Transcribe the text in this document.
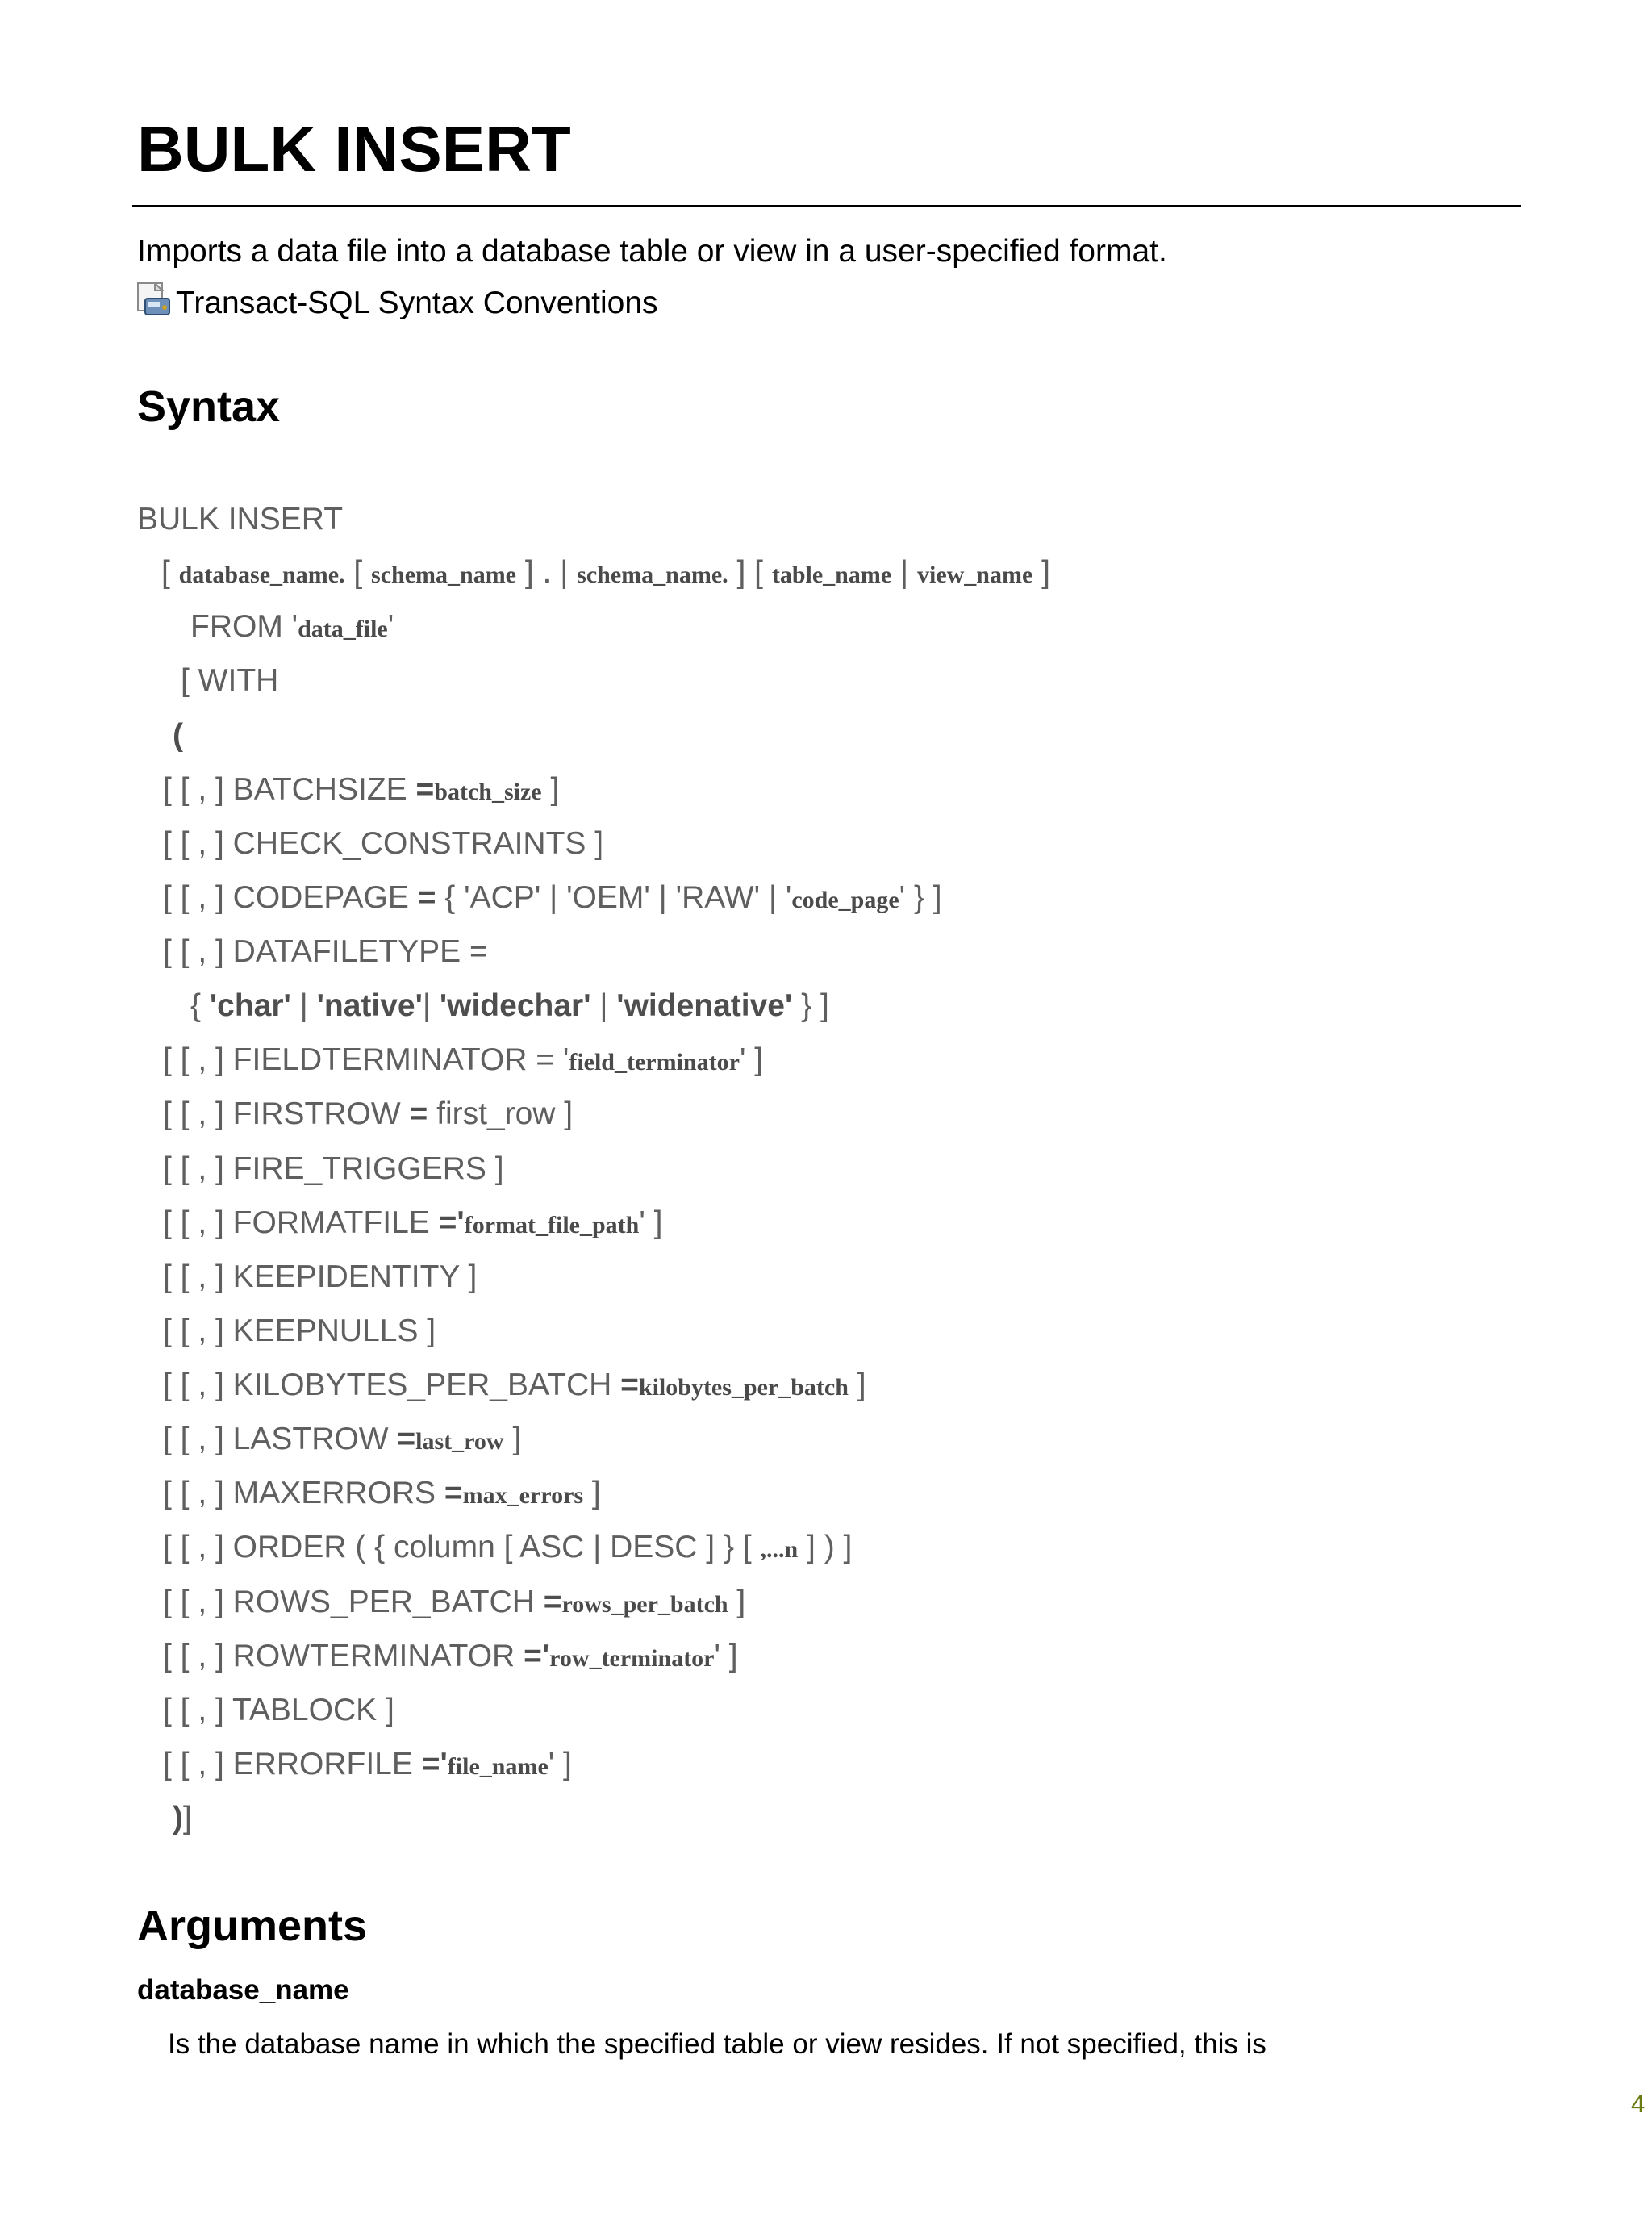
BULK INSERT
Imports a data file into a database table or view in a user-specified format.
Transact-SQL Syntax Conventions
Syntax
BULK INSERT
[ database_name. [ schema_name ] . | schema_name. ] [ table_name | view_name ]
FROM 'data_file'
[ WITH
(
[ [ , ] BATCHSIZE =batch_size ]
[ [ , ] CHECK_CONSTRAINTS ]
[ [ , ] CODEPAGE = { 'ACP' | 'OEM' | 'RAW' | 'code_page' } ]
[ [ , ] DATAFILETYPE =
{ 'char' | 'native'| 'widechar' | 'widenative' } ]
[ [ , ] FIELDTERMINATOR = 'field_terminator' ]
[ [ , ] FIRSTROW = first_row ]
[ [ , ] FIRE_TRIGGERS ]
[ [ , ] FORMATFILE ='format_file_path' ]
[ [ , ] KEEPIDENTITY ]
[ [ , ] KEEPNULLS ]
[ [ , ] KILOBYTES_PER_BATCH =kilobytes_per_batch ]
[ [ , ] LASTROW =last_row ]
[ [ , ] MAXERRORS =max_errors ]
[ [ , ] ORDER ( { column [ ASC | DESC ] } [ ,...n ] ) ]
[ [ , ] ROWS_PER_BATCH =rows_per_batch ]
[ [ , ] ROWTERMINATOR ='row_terminator' ]
[ [ , ] TABLOCK ]
[ [ , ] ERRORFILE ='file_name' ]
)]
Arguments
database_name
Is the database name in which the specified table or view resides. If not specified, this is
4
